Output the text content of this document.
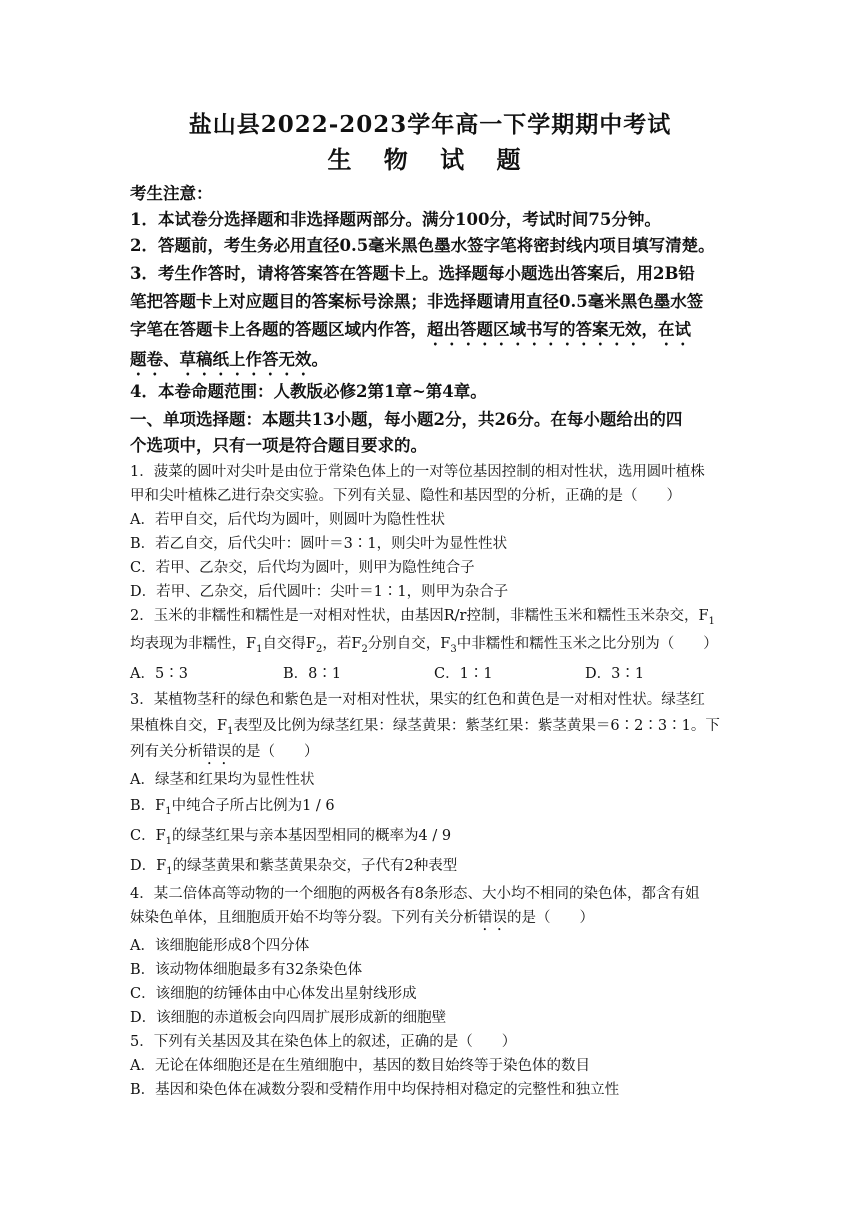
盐山县2022-2023学年高一下学期期中考试
生 物 试 题
考生注意：
1．本试卷分选择题和非选择题两部分。满分100分，考试时间75分钟。
2．答题前，考生务必用直径0.5毫米黑色墨水签字笔将密封线内项目填写清楚。
3．考生作答时，请将答案答在答题卡上。选择题每小题选出答案后，用2B铅
笔把答题卡上对应题目的答案标号涂黑；非选择题请用直径0.5毫米黑色墨水签
字笔在答题卡上各题的答题区域内作答，超出答题区域书写的答案无效，在试
题卷、草稿纸上作答无效。
4．本卷命题范围：人教版必修2第1章~第4章。
一、单项选择题：本题共13小题，每小题2分，共26分。在每小题给出的四
个选项中，只有一项是符合题目要求的。
1．菠菜的圆叶对尖叶是由位于常染色体上的一对等位基因控制的相对性状，选用圆叶植株
甲和尖叶植株乙进行杂交实验。下列有关显、隐性和基因型的分析，正确的是（　　）
A．若甲自交，后代均为圆叶，则圆叶为隐性性状
B．若乙自交，后代尖叶：圆叶＝3∶1，则尖叶为显性性状
C．若甲、乙杂交，后代均为圆叶，则甲为隐性纯合子
D．若甲、乙杂交，后代圆叶：尖叶＝1∶1，则甲为杂合子
2．玉米的非糯性和糯性是一对相对性状，由基因R/r控制，非糯性玉米和糯性玉米杂交，$F_1$
均表现为非糯性，$F_1$自交得$F_2$，若$F_2$分别自交，$F_3$中非糯性和糯性玉米之比分别为（　　）
A．5∶3	B．8∶1	C．1∶1	D．3∶1
3．某植物茎秆的绿色和紫色是一对相对性状，果实的红色和黄色是一对相对性状。绿茎红
果植株自交，$F_1$表型及比例为绿茎红果：绿茎黄果：紫茎红果：紫茎黄果＝6∶2∶3∶1。下
列有关分析错误的是（　　）
A．绿茎和红果均为显性性状
B．$F_1$中纯合子所占比例为1 / 6
C．$F_1$的绿茎红果与亲本基因型相同的概率为4 / 9
D．$F_1$的绿茎黄果和紫茎黄果杂交，子代有2种表型
4．某二倍体高等动物的一个细胞的两极各有8条形态、大小均不相同的染色体，都含有姐
妹染色单体，且细胞质开始不均等分裂。下列有关分析错误的是（　　）
A．该细胞能形成8个四分体
B．该动物体细胞最多有32条染色体
C．该细胞的纺锤体由中心体发出星射线形成
D．该细胞的赤道板会向四周扩展形成新的细胞壁
5．下列有关基因及其在染色体上的叙述，正确的是（　　）
A．无论在体细胞还是在生殖细胞中，基因的数目始终等于染色体的数目
B．基因和染色体在减数分裂和受精作用中均保持相对稳定的完整性和独立性
